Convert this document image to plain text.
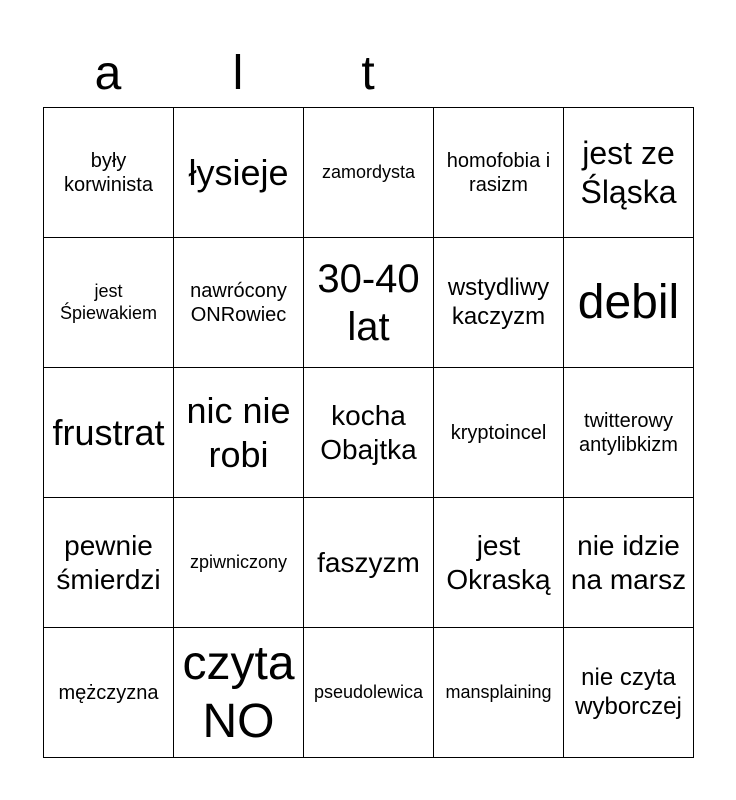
a	l	t
były korwinista	łysieje	zamordysta	homofobia i rasizm	jest ze Śląska
jest Śpiewakiem	nawrócony ONRowiec	30-40 lat	wstydliwy kaczyzm	debil
frustrat	nic nie robi	kocha Obajtka	kryptoincel	twitterowy antylibkizm
pewnie śmierdzi	zpiwniczony	faszyzm	jest Okraską	nie idzie na marsz
mężczyzna	czyta NO	pseudolewica	mansplaining	nie czyta wyborczej
